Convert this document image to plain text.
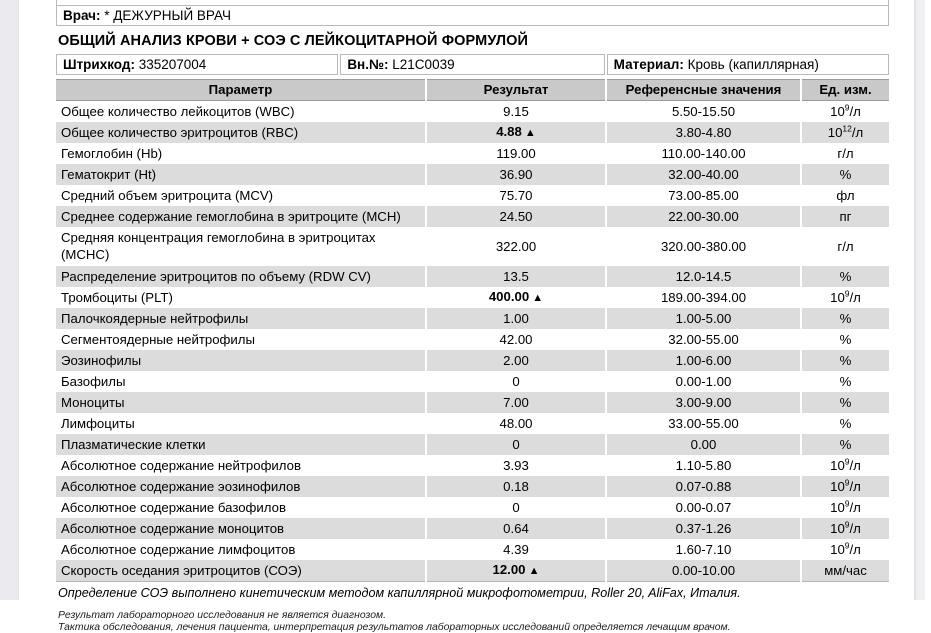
Врач: * ДЕЖУРНЫЙ ВРАЧ
ОБЩИЙ АНАЛИЗ КРОВИ + СОЭ С ЛЕЙКОЦИТАРНОЙ ФОРМУЛОЙ
Штрихкод: 335207004	Вн.№: L21C0039	Материал: Кровь (капиллярная)
Параметр	Результат	Референсные значения	Ед. изм.
Общее количество лейкоцитов (WBC)	9.15	5.50-15.50	$10^9/л$
Общее количество эритроцитов (RBC)	4.88 ▲	3.80-4.80	$10^{12}/л$
Гемоглобин (Hb)	119.00	110.00-140.00	г/л
Гематокрит (Ht)	36.90	32.00-40.00	%
Средний объем эритроцита (MCV)	75.70	73.00-85.00	фл
Среднее содержание гемоглобина в эритроците (MCH)	24.50	22.00-30.00	пг
Средняя концентрация гемоглобина в эритроцитах (MCHC)	322.00	320.00-380.00	г/л
Распределение эритроцитов по объему (RDW CV)	13.5	12.0-14.5	%
Тромбоциты (PLT)	400.00 ▲	189.00-394.00	$10^9/л$
Палочкоядерные нейтрофилы	1.00	1.00-5.00	%
Сегментоядерные нейтрофилы	42.00	32.00-55.00	%
Эозинофилы	2.00	1.00-6.00	%
Базофилы	0	0.00-1.00	%
Моноциты	7.00	3.00-9.00	%
Лимфоциты	48.00	33.00-55.00	%
Плазматические клетки	0	0.00	%
Абсолютное содержание нейтрофилов	3.93	1.10-5.80	$10^9/л$
Абсолютное содержание эозинофилов	0.18	0.07-0.88	$10^9/л$
Абсолютное содержание базофилов	0	0.00-0.07	$10^9/л$
Абсолютное содержание моноцитов	0.64	0.37-1.26	$10^9/л$
Абсолютное содержание лимфоцитов	4.39	1.60-7.10	$10^9/л$
Скорость оседания эритроцитов (СОЭ)	12.00 ▲	0.00-10.00	мм/час
Определение СОЭ выполнено кинетическим методом капиллярной микрофотометрии, Roller 20, AliFax, Италия.
Результат лабораторного исследования не является диагнозом.
Тактика обследования, лечения пациента, интерпретация результатов лабораторных исследований определяется лечащим врачом.
